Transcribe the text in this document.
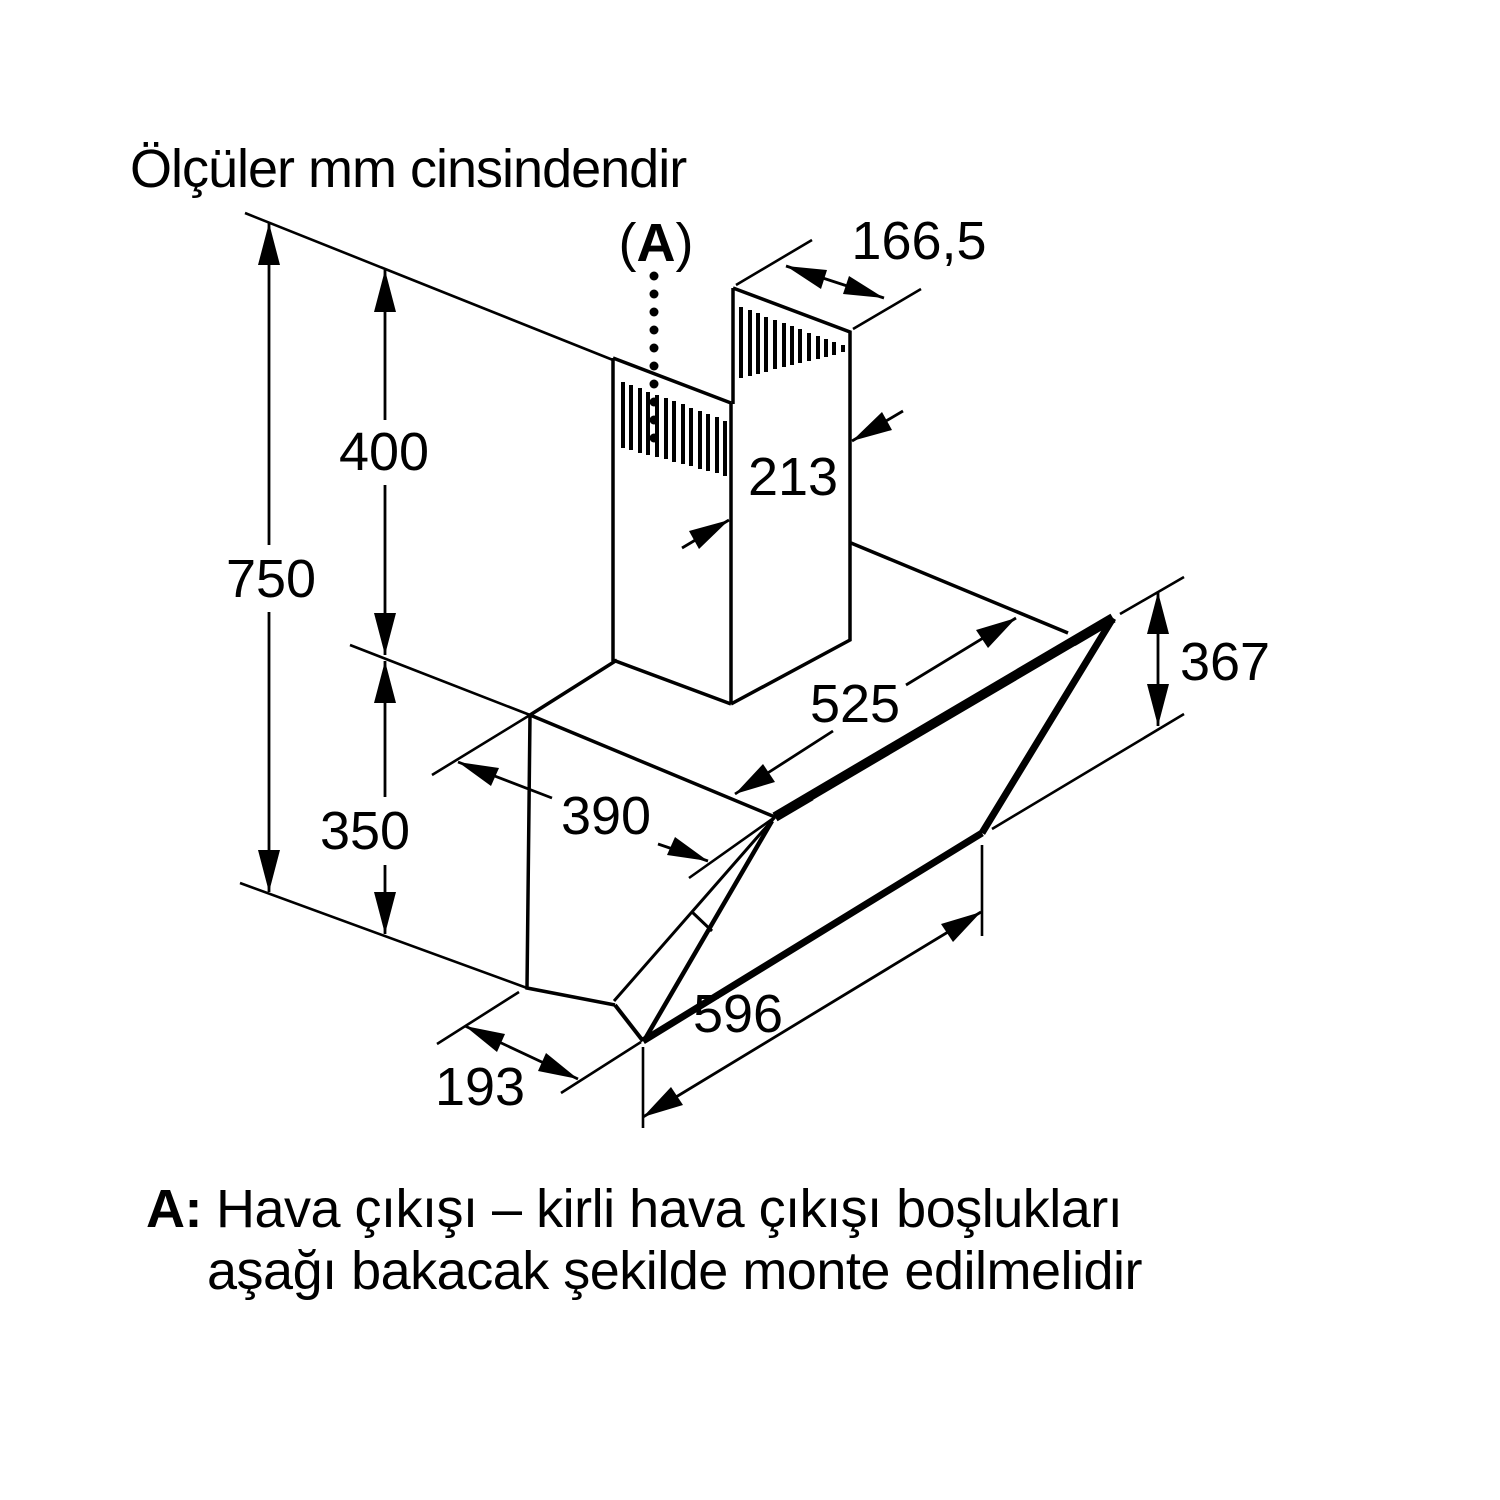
Ölçüler mm cinsindendir
(A)
750
400
350
213
166,5
525
390
367
596
193
A: Hava çıkışı – kirli hava çıkışı boşlukları
aşağı bakacak şekilde monte edilmelidir
